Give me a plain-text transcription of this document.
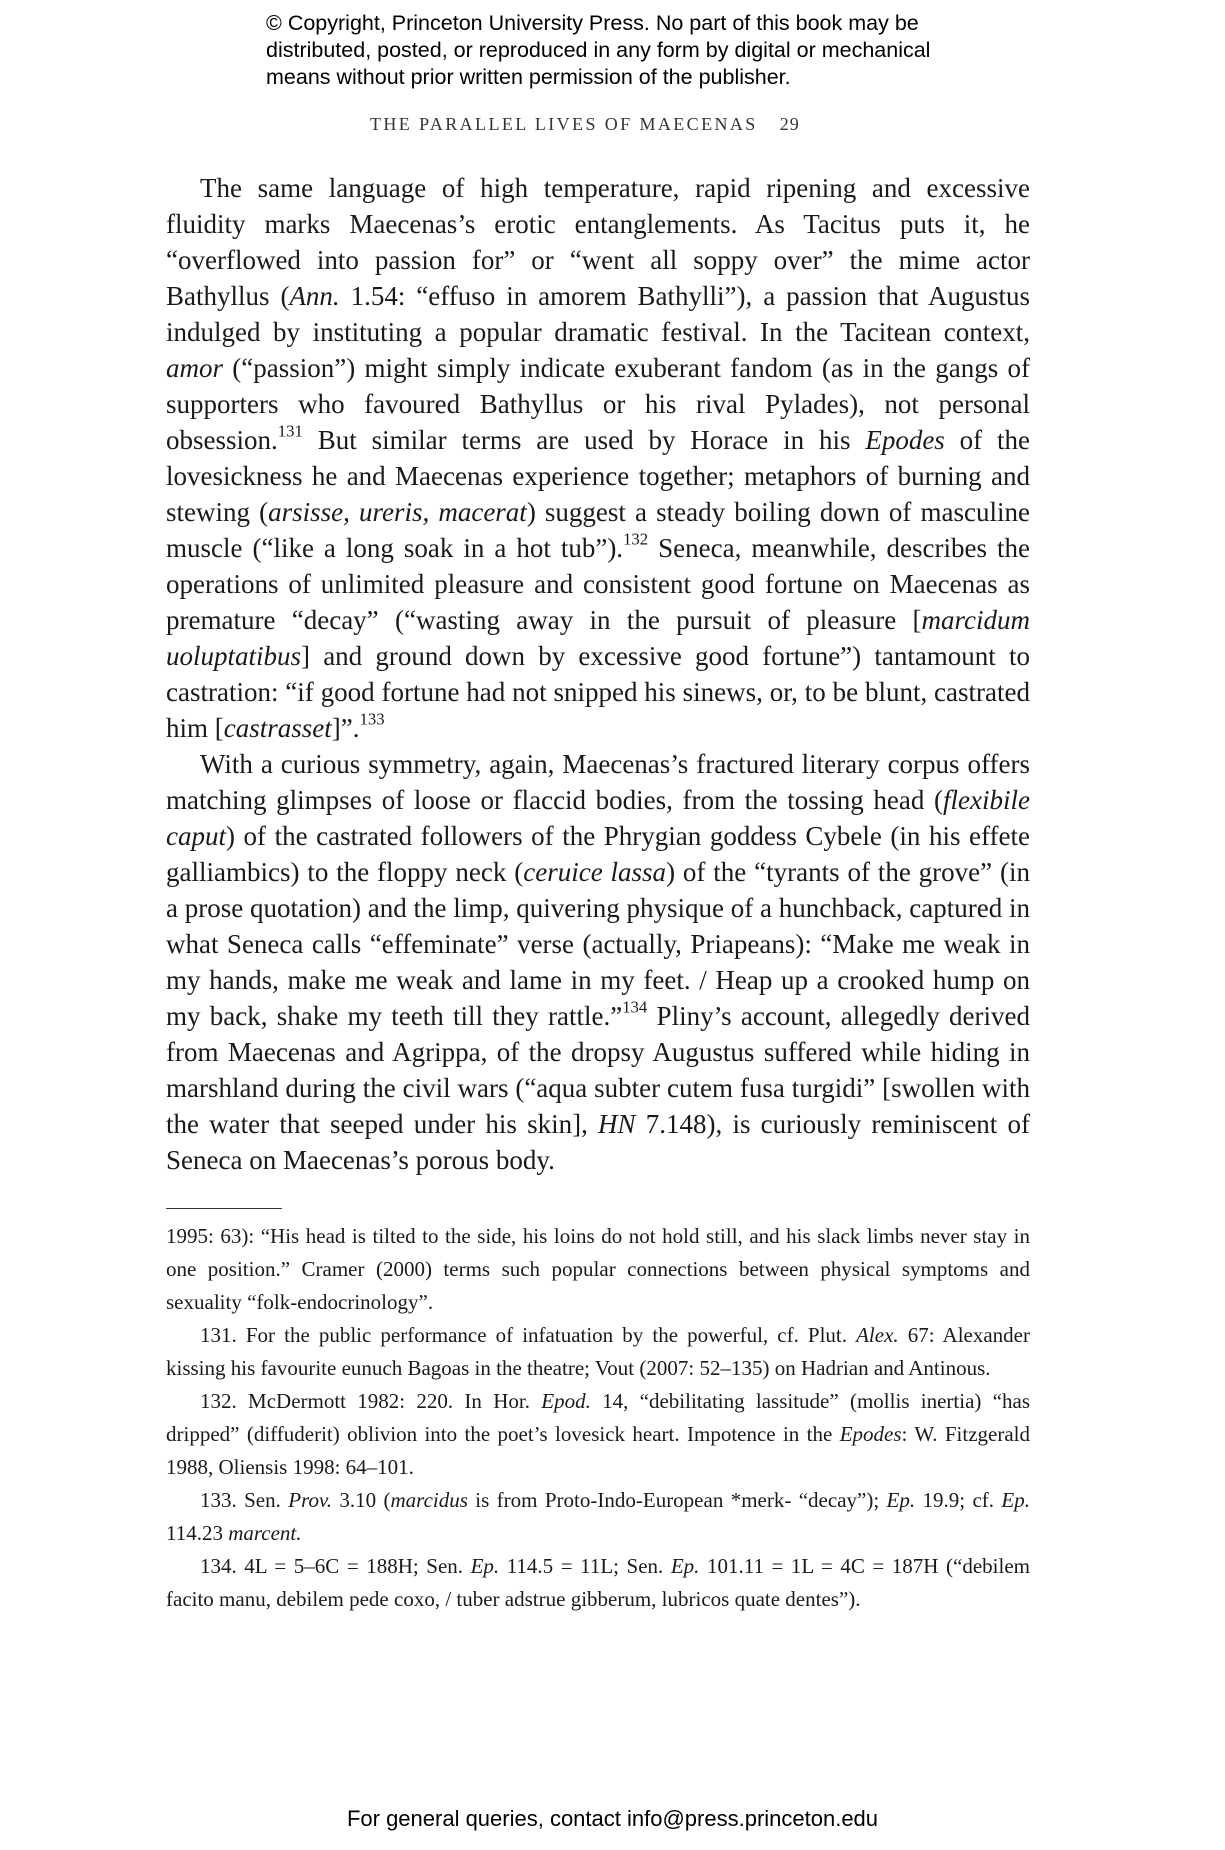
© Copyright, Princeton University Press. No part of this book may be
distributed, posted, or reproduced in any form by digital or mechanical
means without prior written permission of the publisher.
THE PARALLEL LIVES OF MAECENAS 29

The same language of high temperature, rapid ripening and excessive fluidity marks Maecenas’s erotic entanglements. As Tacitus puts it, he “overflowed into passion for” or “went all soppy over” the mime actor Bathyllus (Ann. 1.54: “effuso in amorem Bathylli”), a passion that Augustus indulged by instituting a popular dramatic festival. In the Tacitean context, amor (“passion”) might simply indicate exuberant fandom (as in the gangs of supporters who favoured Bathyllus or his rival Pylades), not personal obsession.$^{131}$ But similar terms are used by Horace in his Epodes of the lovesickness he and Maecenas experience together; metaphors of burning and stewing (arsisse, ureris, macerat) suggest a steady boiling down of masculine muscle (“like a long soak in a hot tub”).$^{132}$ Seneca, meanwhile, describes the operations of unlimited pleasure and consistent good fortune on Maecenas as premature “decay” (“wasting away in the pursuit of pleasure [marcidum uoluptatibus] and ground down by excessive good fortune”) tantamount to castration: “if good fortune had not snipped his sinews, or, to be blunt, castrated him [castrasset]”.$^{133}$

With a curious symmetry, again, Maecenas’s fractured literary corpus offers matching glimpses of loose or flaccid bodies, from the tossing head (flexibile caput) of the castrated followers of the Phrygian goddess Cybele (in his effete galliambics) to the floppy neck (ceruice lassa) of the “tyrants of the grove” (in a prose quotation) and the limp, quivering physique of a hunchback, captured in what Seneca calls “effeminate” verse (actually, Priapeans): “Make me weak in my hands, make me weak and lame in my feet. / Heap up a crooked hump on my back, shake my teeth till they rattle.”$^{134}$ Pliny’s account, allegedly derived from Maecenas and Agrippa, of the dropsy Augustus suffered while hiding in marshland during the civil wars (“aqua subter cutem fusa turgidi” [swollen with the water that seeped under his skin], HN 7.148), is curiously reminiscent of Seneca on Maecenas’s porous body.

1995: 63): “His head is tilted to the side, his loins do not hold still, and his slack limbs never stay in one position.” Cramer (2000) terms such popular connections between physical symptoms and sexuality “folk-endocrinology”.

131. For the public performance of infatuation by the powerful, cf. Plut. Alex. 67: Alexander kissing his favourite eunuch Bagoas in the theatre; Vout (2007: 52–135) on Hadrian and Antinous.

132. McDermott 1982: 220. In Hor. Epod. 14, “debilitating lassitude” (mollis inertia) “has dripped” (diffuderit) oblivion into the poet’s lovesick heart. Impotence in the Epodes: W. Fitzgerald 1988, Oliensis 1998: 64–101.

133. Sen. Prov. 3.10 (marcidus is from Proto-Indo-European *merk- “decay”); Ep. 19.9; cf. Ep. 114.23 marcent.

134. 4L = 5–6C = 188H; Sen. Ep. 114.5 = 11L; Sen. Ep. 101.11 = 1L = 4C = 187H (“debilem facito manu, debilem pede coxo, / tuber adstrue gibberum, lubricos quate dentes”).

For general queries, contact info@press.princeton.edu
